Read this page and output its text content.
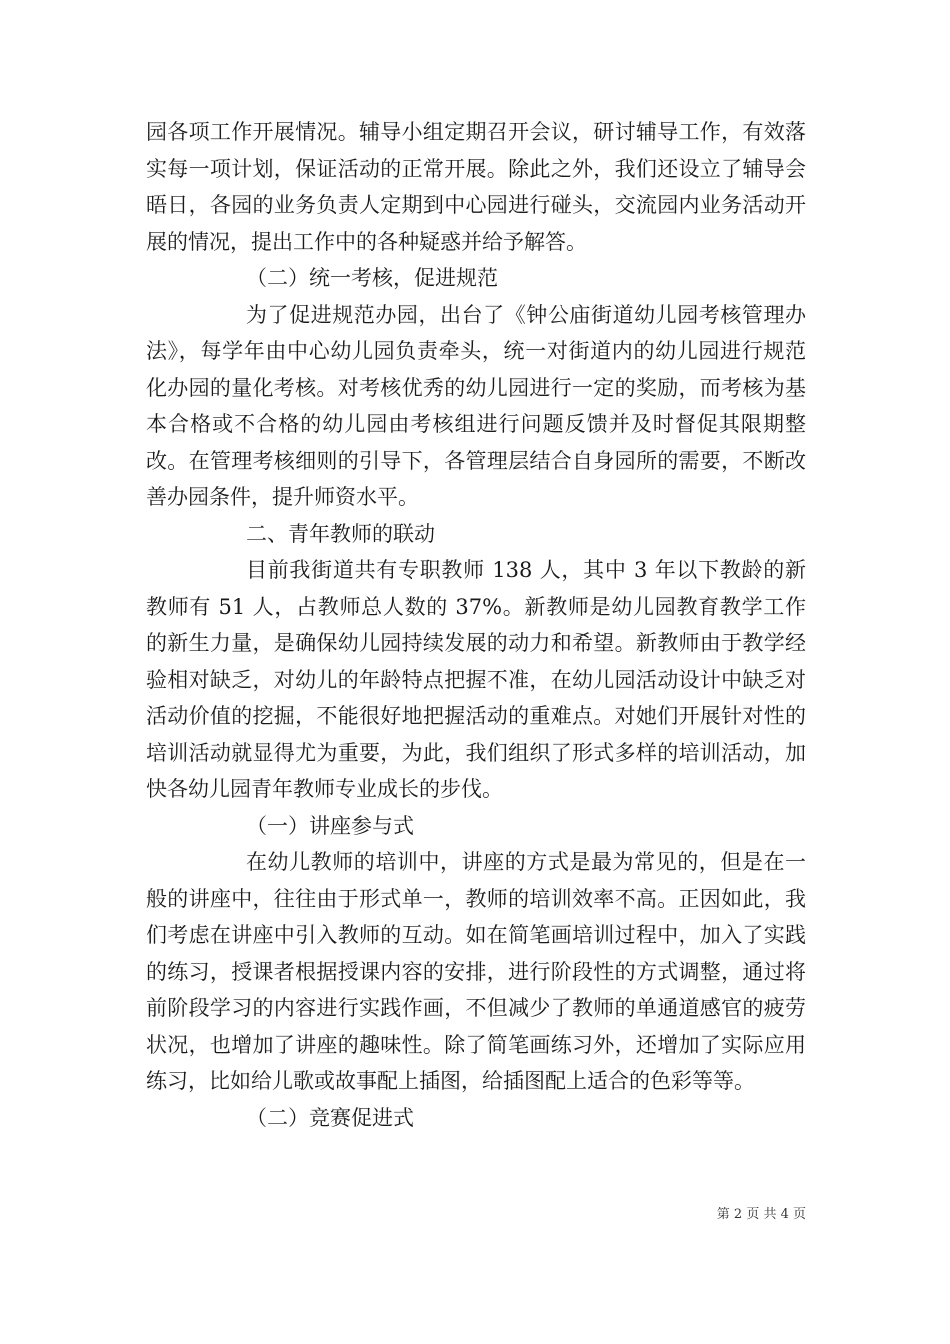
园各项工作开展情况。辅导小组定期召开会议，研讨辅导工作，有效落实每一项计划，保证活动的正常开展。除此之外，我们还设立了辅导会晤日，各园的业务负责人定期到中心园进行碰头，交流园内业务活动开展的情况，提出工作中的各种疑惑并给予解答。

（二）统一考核，促进规范

为了促进规范办园，出台了《钟公庙街道幼儿园考核管理办法》，每学年由中心幼儿园负责牵头，统一对街道内的幼儿园进行规范化办园的量化考核。对考核优秀的幼儿园进行一定的奖励，而考核为基本合格或不合格的幼儿园由考核组进行问题反馈并及时督促其限期整改。在管理考核细则的引导下，各管理层结合自身园所的需要，不断改善办园条件，提升师资水平。

二、青年教师的联动

目前我街道共有专职教师 138 人，其中 3 年以下教龄的新教师有 51 人，占教师总人数的 37%。新教师是幼儿园教育教学工作的新生力量，是确保幼儿园持续发展的动力和希望。新教师由于教学经验相对缺乏，对幼儿的年龄特点把握不准，在幼儿园活动设计中缺乏对活动价值的挖掘，不能很好地把握活动的重难点。对她们开展针对性的培训活动就显得尤为重要，为此，我们组织了形式多样的培训活动，加快各幼儿园青年教师专业成长的步伐。

（一）讲座参与式

在幼儿教师的培训中，讲座的方式是最为常见的，但是在一般的讲座中，往往由于形式单一，教师的培训效率不高。正因如此，我们考虑在讲座中引入教师的互动。如在简笔画培训过程中，加入了实践的练习，授课者根据授课内容的安排，进行阶段性的方式调整，通过将前阶段学习的内容进行实践作画，不但减少了教师的单通道感官的疲劳状况，也增加了讲座的趣味性。除了简笔画练习外，还增加了实际应用练习，比如给儿歌或故事配上插图，给插图配上适合的色彩等等。

（二）竞赛促进式

第 2 页 共 4 页
